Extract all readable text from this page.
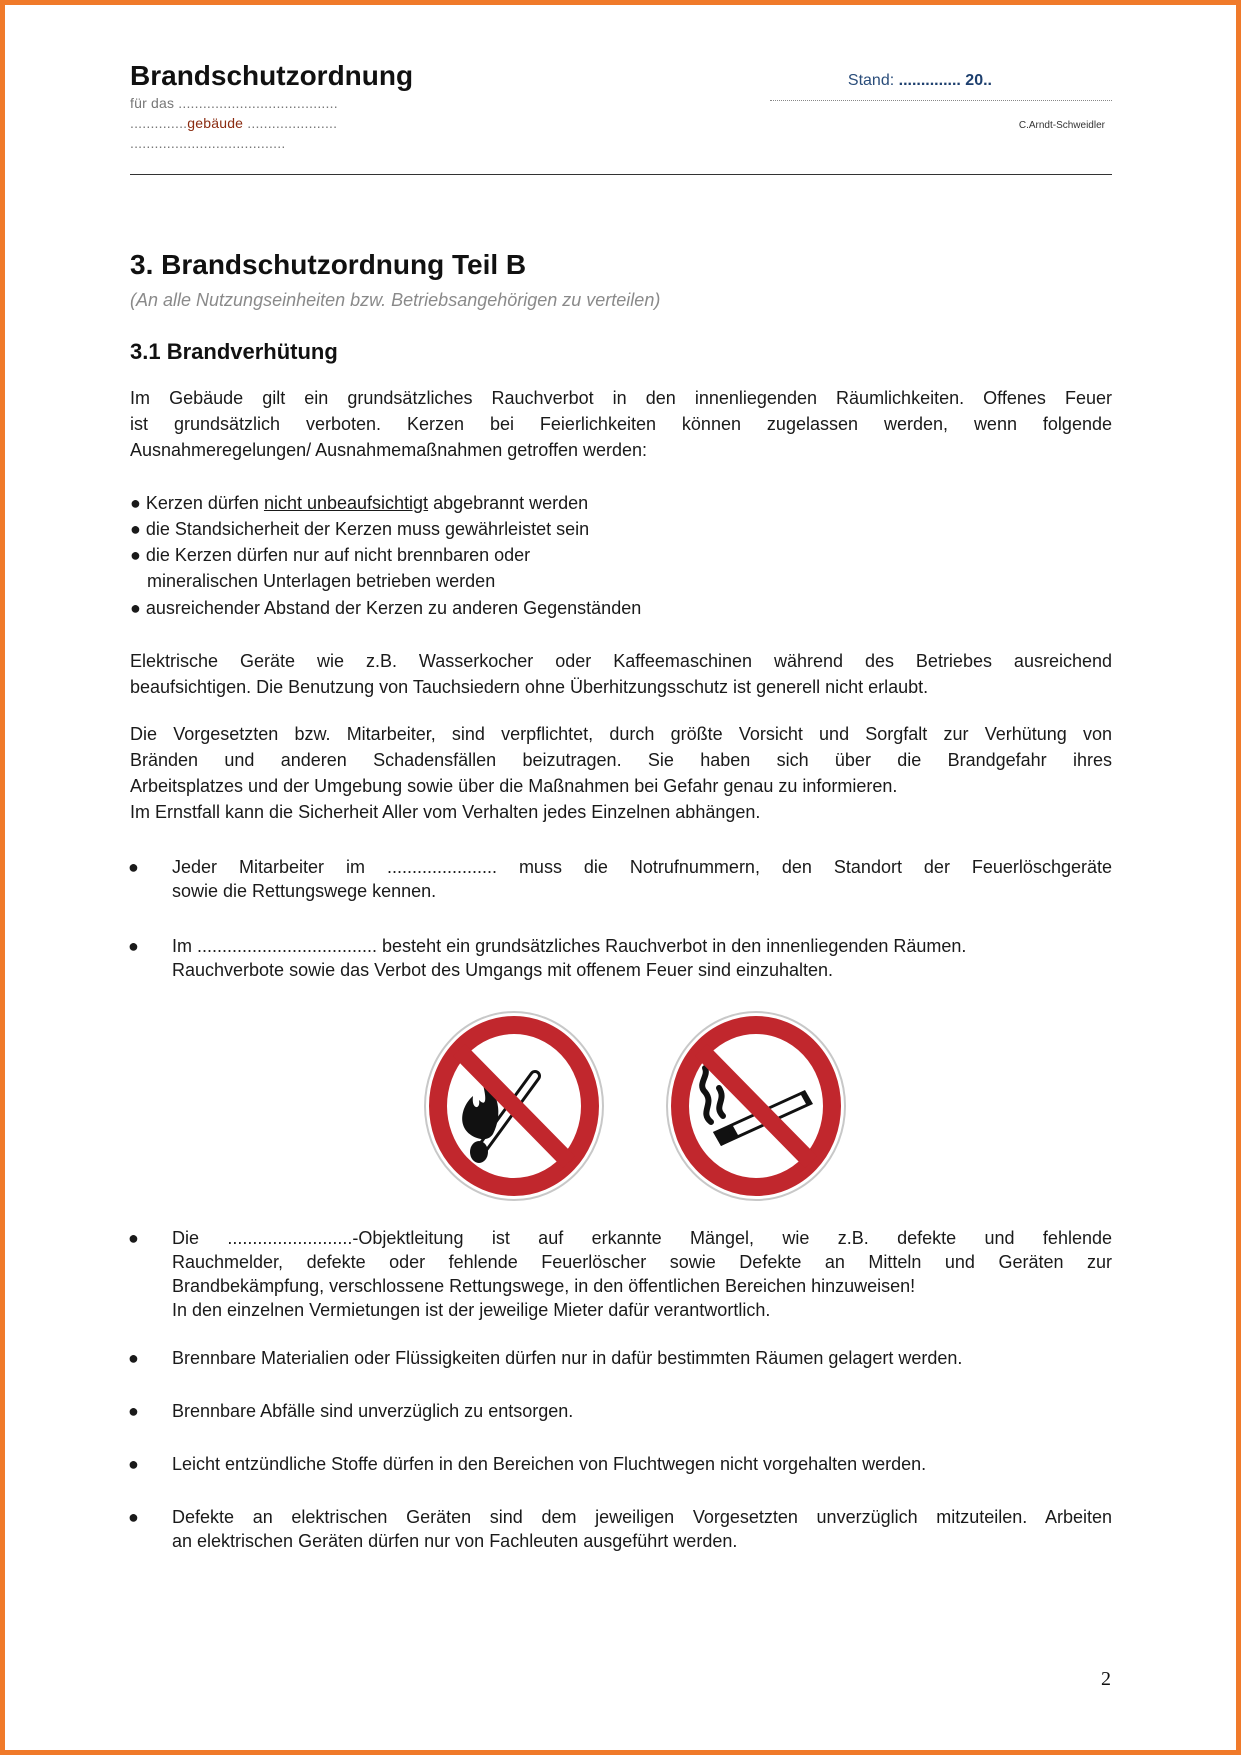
Brandschutzordnung
für das .......................................
..............gebäude ......................
......................................
Stand: .............. 20..
C.Arndt-Schweidler
3. Brandschutzordnung Teil B
(An alle Nutzungseinheiten bzw. Betriebsangehörigen zu verteilen)
3.1 Brandverhütung
Im Gebäude gilt ein grundsätzliches Rauchverbot in den innenliegenden Räumlichkeiten. Offenes Feuer
ist grundsätzlich verboten. Kerzen bei Feierlichkeiten können zugelassen werden, wenn folgende
Ausnahmeregelungen/ Ausnahmemaßnahmen getroffen werden:
● Kerzen dürfen nicht unbeaufsichtigt abgebrannt werden
● die Standsicherheit der Kerzen muss gewährleistet sein
● die Kerzen dürfen nur auf nicht brennbaren oder
mineralischen Unterlagen betrieben werden
● ausreichender Abstand der Kerzen zu anderen Gegenständen
Elektrische Geräte wie z.B. Wasserkocher oder Kaffeemaschinen während des Betriebes ausreichend
beaufsichtigen. Die Benutzung von Tauchsiedern ohne Überhitzungsschutz ist generell nicht erlaubt.
Die Vorgesetzten bzw. Mitarbeiter, sind verpflichtet, durch größte Vorsicht und Sorgfalt zur Verhütung von
Bränden und anderen Schadensfällen beizutragen. Sie haben sich über die Brandgefahr ihres
Arbeitsplatzes und der Umgebung sowie über die Maßnahmen bei Gefahr genau zu informieren.
Im Ernstfall kann die Sicherheit Aller vom Verhalten jedes Einzelnen abhängen.
●	Jeder Mitarbeiter im ...................... muss die Notrufnummern, den Standort der Feuerlöschgeräte
sowie die Rettungswege kennen.
●	Im .................................... besteht ein grundsätzliches Rauchverbot in den innenliegenden Räumen.
Rauchverbote sowie das Verbot des Umgangs mit offenem Feuer sind einzuhalten.
●	Die .........................-Objektleitung ist auf erkannte Mängel, wie z.B. defekte und fehlende
Rauchmelder, defekte oder fehlende Feuerlöscher sowie Defekte an Mitteln und Geräten zur
Brandbekämpfung, verschlossene Rettungswege, in den öffentlichen Bereichen hinzuweisen!
In den einzelnen Vermietungen ist der jeweilige Mieter dafür verantwortlich.
●	Brennbare Materialien oder Flüssigkeiten dürfen nur in dafür bestimmten Räumen gelagert werden.
●	Brennbare Abfälle sind unverzüglich zu entsorgen.
●	Leicht entzündliche Stoffe dürfen in den Bereichen von Fluchtwegen nicht vorgehalten werden.
●	Defekte an elektrischen Geräten sind dem jeweiligen Vorgesetzten unverzüglich mitzuteilen. Arbeiten
an elektrischen Geräten dürfen nur von Fachleuten ausgeführt werden.
2
